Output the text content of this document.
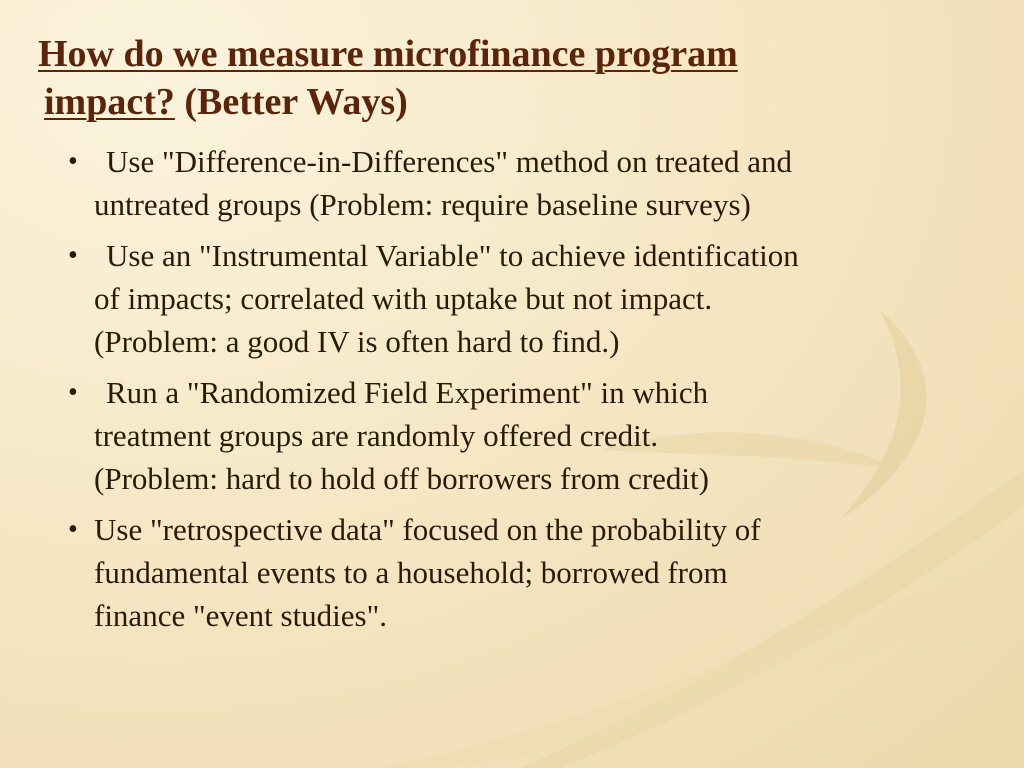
How do we measure microfinance program
impact? (Better Ways)
• Use "Difference-in-Differences" method on treated and
untreated groups (Problem: require baseline surveys)
• Use an "Instrumental Variable" to achieve identification
of impacts; correlated with uptake but not impact.
(Problem: a good IV is often hard to find.)
• Run a "Randomized Field Experiment" in which
treatment groups are randomly offered credit.
(Problem: hard to hold off borrowers from credit)
• Use "retrospective data" focused on the probability of
fundamental events to a household; borrowed from
finance "event studies".
